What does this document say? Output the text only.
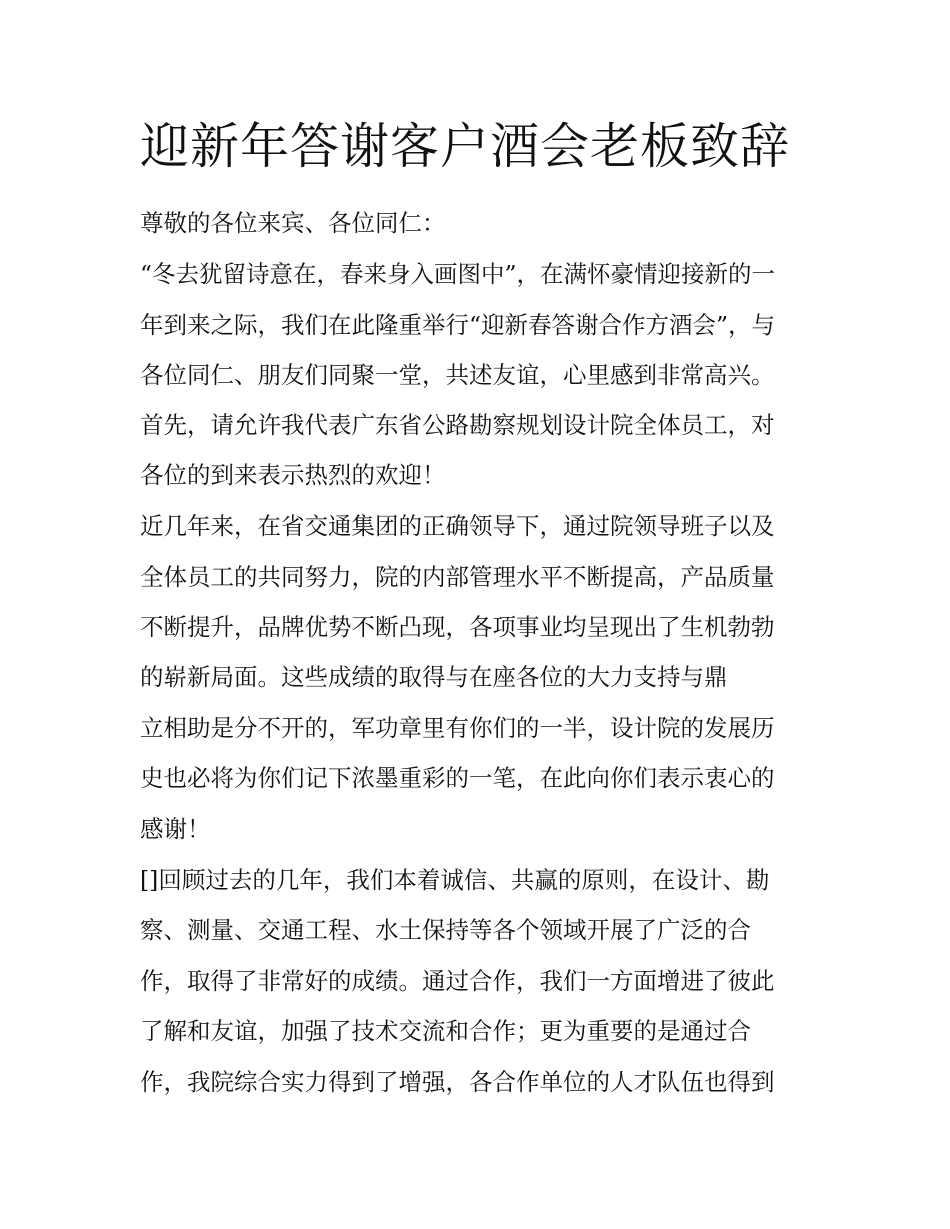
迎新年答谢客户酒会老板致辞

尊敬的各位来宾、各位同仁：

“冬去犹留诗意在，春来身入画图中”，在满怀豪情迎接新的一

年到来之际，我们在此隆重举行“迎新春答谢合作方酒会”，与

各位同仁、朋友们同聚一堂，共述友谊，心里感到非常高兴。

首先，请允许我代表广东省公路勘察规划设计院全体员工，对

各位的到来表示热烈的欢迎！

近几年来，在省交通集团的正确领导下，通过院领导班子以及

全体员工的共同努力，院的内部管理水平不断提高，产品质量

不断提升，品牌优势不断凸现，各项事业均呈现出了生机勃勃

的崭新局面。这些成绩的取得与在座各位的大力支持与鼎

立相助是分不开的，军功章里有你们的一半，设计院的发展历

史也必将为你们记下浓墨重彩的一笔，在此向你们表示衷心的

感谢！

[]回顾过去的几年，我们本着诚信、共赢的原则，在设计、勘

察、测量、交通工程、水土保持等各个领域开展了广泛的合

作，取得了非常好的成绩。通过合作，我们一方面增进了彼此

了解和友谊，加强了技术交流和合作；更为重要的是通过合

作，我院综合实力得到了增强，各合作单位的人才队伍也得到
